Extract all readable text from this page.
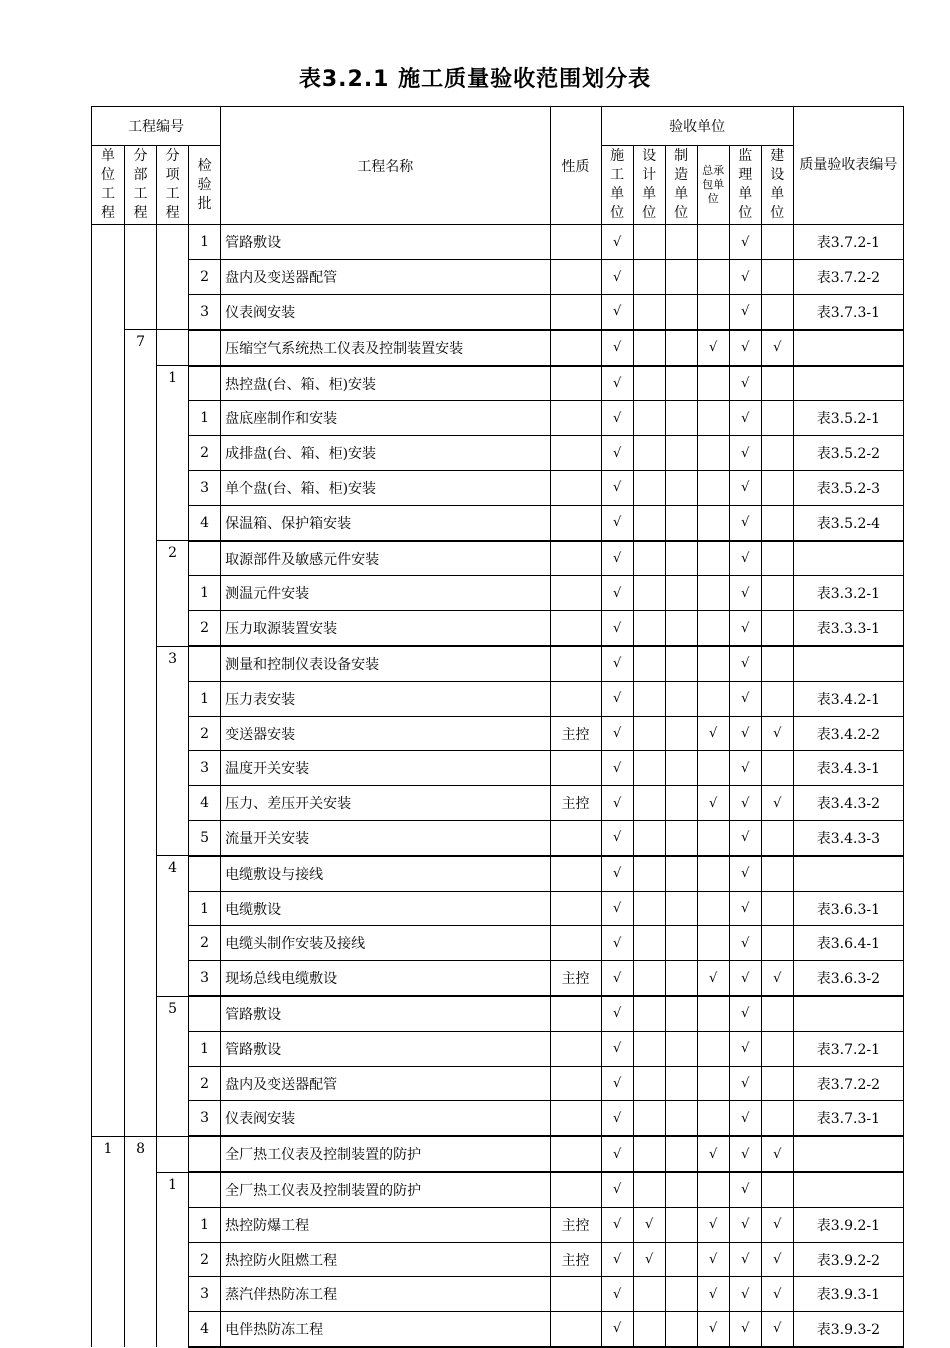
表3.2.1 施工质量验收范围划分表
工程编号				工程名称	性质	验收单位						质量验收表编号

单位工程	分部工程	分项工程	检验批			施工单位	设计单位	制造单位	总承包单位	监理单位	建设单位	

			1	管路敷设		√				√		表3.7.2-1
			2	盘内及变送器配管		√				√		表3.7.2-2
			3	仪表阀安装		√				√		表3.7.3-1
	7			压缩空气系统热工仪表及控制装置安装		√			√	√	√	
		1		热控盘(台、箱、柜)安装		√				√		
			1	盘底座制作和安装		√				√		表3.5.2-1
			2	成排盘(台、箱、柜)安装		√				√		表3.5.2-2
			3	单个盘(台、箱、柜)安装		√				√		表3.5.2-3
			4	保温箱、保护箱安装		√				√		表3.5.2-4
		2		取源部件及敏感元件安装		√				√		
			1	测温元件安装		√				√		表3.3.2-1
			2	压力取源装置安装		√				√		表3.3.3-1
		3		测量和控制仪表设备安装		√				√		
			1	压力表安装		√				√		表3.4.2-1
			2	变送器安装	主控	√			√	√	√	表3.4.2-2
			3	温度开关安装		√				√		表3.4.3-1
			4	压力、差压开关安装	主控	√			√	√	√	表3.4.3-2
			5	流量开关安装		√				√		表3.4.3-3
		4		电缆敷设与接线		√				√		
			1	电缆敷设		√				√		表3.6.3-1
			2	电缆头制作安装及接线		√				√		表3.6.4-1
			3	现场总线电缆敷设	主控	√			√	√	√	表3.6.3-2
		5		管路敷设		√				√		
			1	管路敷设		√				√		表3.7.2-1
			2	盘内及变送器配管		√				√		表3.7.2-2
			3	仪表阀安装		√				√		表3.7.3-1
1	8			全厂热工仪表及控制装置的防护		√			√	√	√	
		1		全厂热工仪表及控制装置的防护		√				√		
			1	热控防爆工程	主控	√	√		√	√	√	表3.9.2-1
			2	热控防火阻燃工程	主控	√	√		√	√	√	表3.9.2-2
			3	蒸汽伴热防冻工程		√			√	√	√	表3.9.3-1
			4	电伴热防冻工程		√			√	√	√	表3.9.3-2
